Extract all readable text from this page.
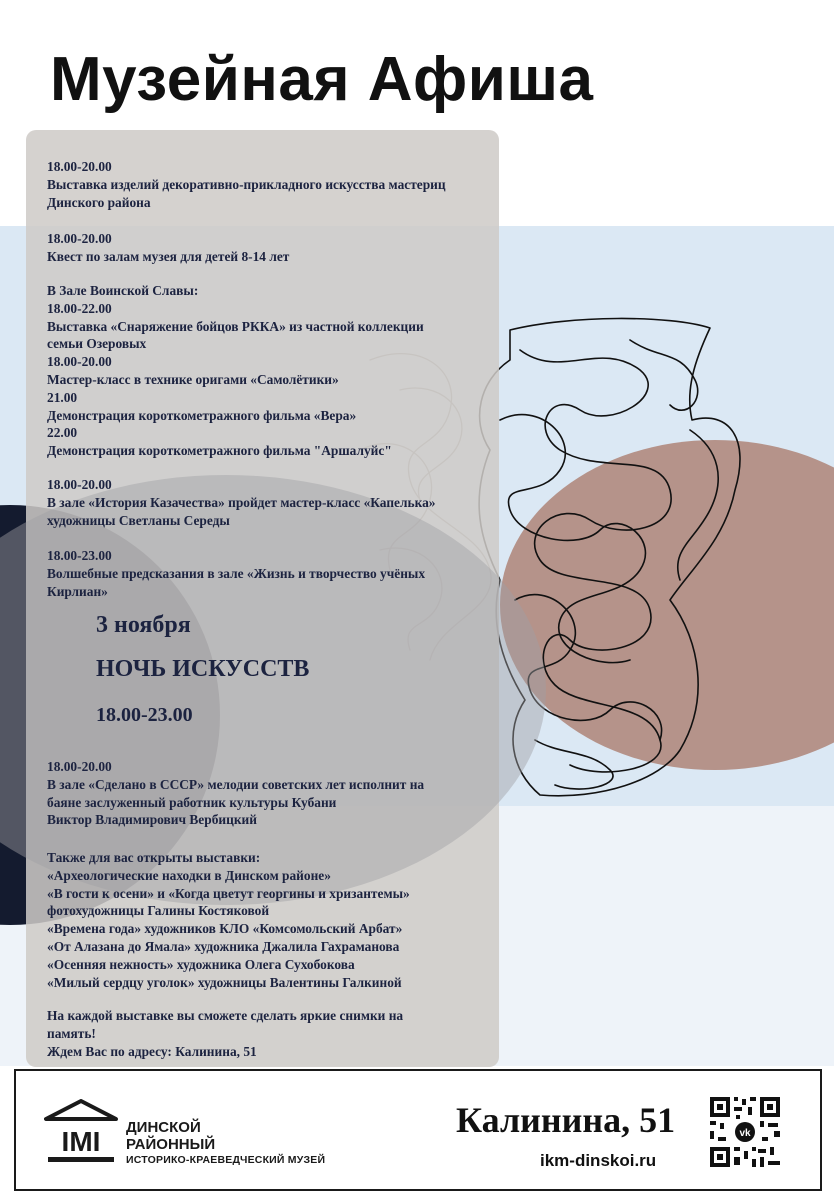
Музейная Афиша

18.00-20.00

Выставка изделий декоративно-прикладного искусства мастериц

Динского района

18.00-20.00

Квест по залам музея для детей 8-14 лет

В Зале Воинской Славы:

18.00-22.00

Выставка «Снаряжение бойцов РККА» из частной коллекции

семьи Озеровых

18.00-20.00

Мастер-класс в технике оригами «Самолётики»

21.00

Демонстрация короткометражного фильма «Вера»

22.00

Демонстрация короткометражного фильма "Аршалуйс"

18.00-20.00

В зале «История Казачества» пройдет мастер-класс «Капелька»

художницы Светланы Середы

18.00-23.00

Волшебные предсказания в зале «Жизнь и творчество учёных

Кирлиан»

3 ноября

НОЧЬ ИСКУССТВ

18.00-23.00

18.00-20.00

В зале «Сделано в СССР» мелодии советских лет исполнит на

баяне заслуженный работник культуры Кубани

Виктор Владимирович Вербицкий

Также для вас открыты выставки:

«Археологические находки в Динском районе»

«В гости к осени» и «Когда цветут георгины и хризантемы»

фотохудожницы Галины Костяковой

«Времена года» художников КЛО «Комсомольский Арбат»

«От Алазана до Ямала» художника Джалила Гахраманова

«Осенняя нежность» художника Олега Сухобокова

«Милый сердцу уголок» художницы Валентины Галкиной

На каждой выставке вы сможете сделать яркие снимки на

память!

Ждем Вас по адресу: Калинина, 51

IMI ДИНСКОЙ
РАЙОННЫЙ
ИСТОРИКО-КРАЕВЕДЧЕСКИЙ МУЗЕЙ
Калинина, 51
ikm-dinskoi.ru
vk
